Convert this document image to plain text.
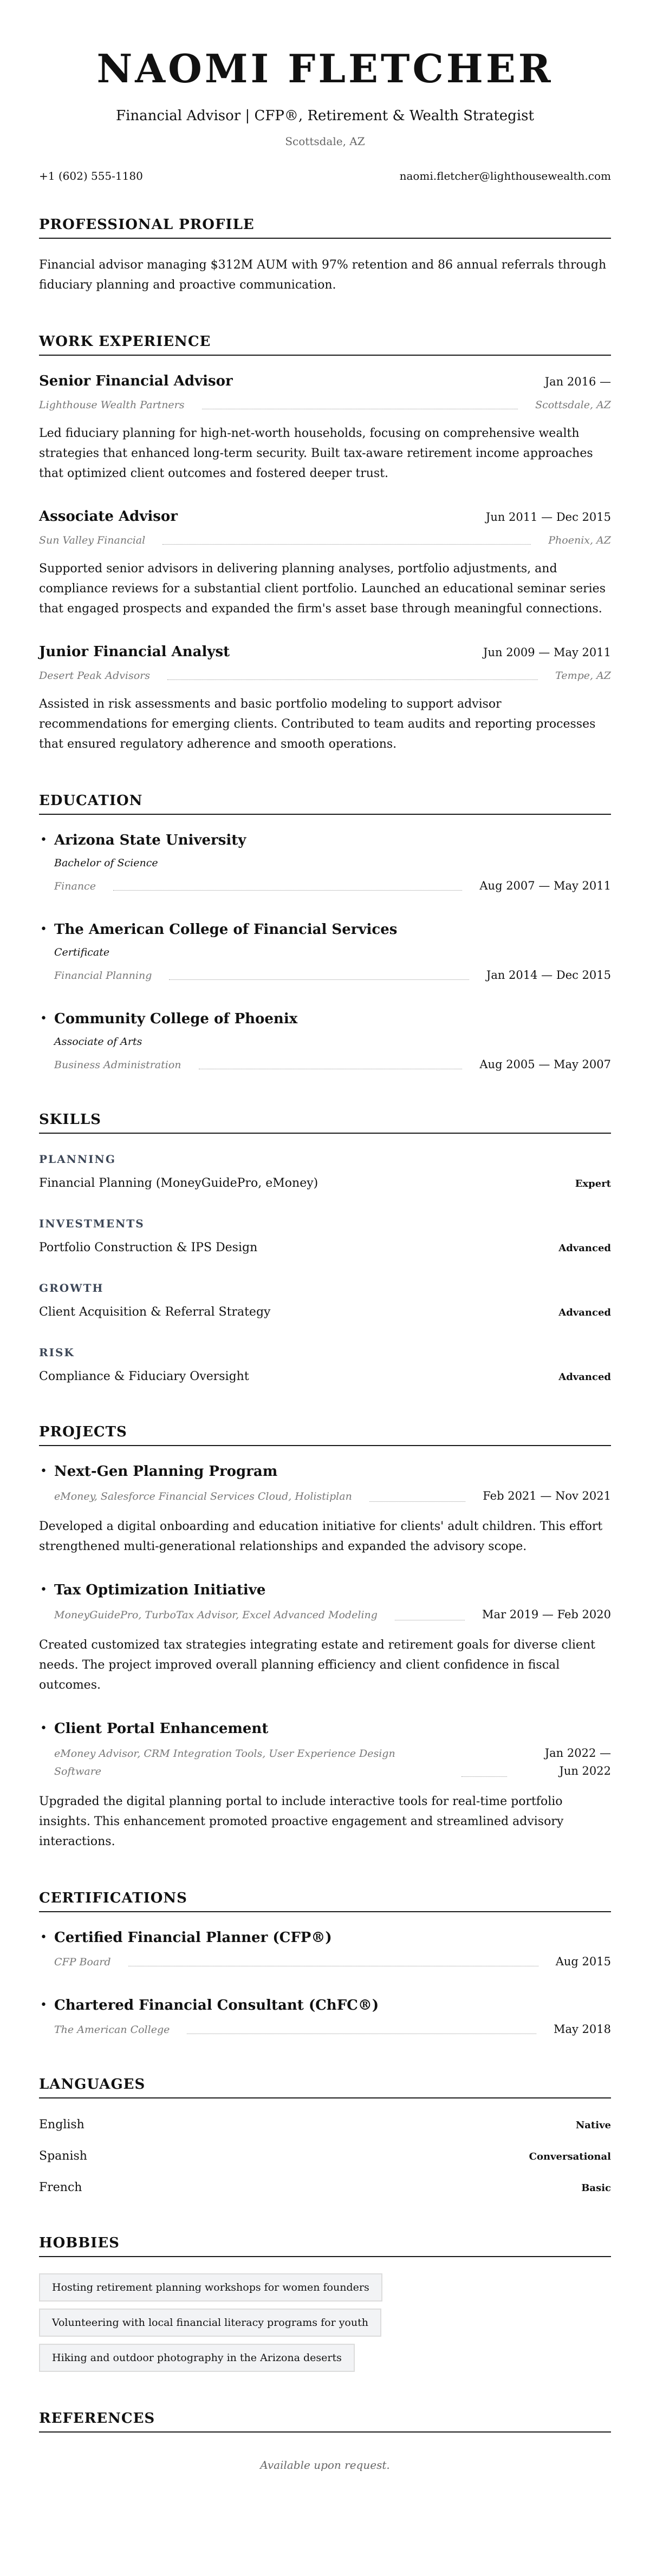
NAOMI FLETCHER
Financial Advisor | CFP®, Retirement & Wealth Strategist
Scottsdale, AZ
+1 (602) 555-1180	naomi.fletcher@lighthousewealth.com
PROFESSIONAL PROFILE

Financial advisor managing $312M AUM with 97% retention and 86 annual referrals through fiduciary planning and proactive communication.

WORK EXPERIENCE
Senior Financial Advisor	Jan 2016 —
Lighthouse Wealth Partners	Scottsdale, AZ

Led fiduciary planning for high-net-worth households, focusing on comprehensive wealth strategies that enhanced long-term security. Built tax-aware retirement income approaches that optimized client outcomes and fostered deeper trust.

Associate Advisor	Jun 2011 — Dec 2015
Sun Valley Financial	Phoenix, AZ

Supported senior advisors in delivering planning analyses, portfolio adjustments, and compliance reviews for a substantial client portfolio. Launched an educational seminar series that engaged prospects and expanded the firm's asset base through meaningful connections.

Junior Financial Analyst	Jun 2009 — May 2011
Desert Peak Advisors	Tempe, AZ

Assisted in risk assessments and basic portfolio modeling to support advisor recommendations for emerging clients. Contributed to team audits and reporting processes that ensured regulatory adherence and smooth operations.

EDUCATION
• Arizona State University
Bachelor of Science
Finance	Aug 2007 — May 2011
• The American College of Financial Services
Certificate
Financial Planning	Jan 2014 — Dec 2015
• Community College of Phoenix
Associate of Arts
Business Administration	Aug 2005 — May 2007
SKILLS
PLANNING
Financial Planning (MoneyGuidePro, eMoney)	Expert
INVESTMENTS
Portfolio Construction & IPS Design	Advanced
GROWTH
Client Acquisition & Referral Strategy	Advanced
RISK
Compliance & Fiduciary Oversight	Advanced
PROJECTS
• Next-Gen Planning Program
eMoney, Salesforce Financial Services Cloud, Holistiplan	Feb 2021 — Nov 2021

Developed a digital onboarding and education initiative for clients' adult children. This effort strengthened multi-generational relationships and expanded the advisory scope.

• Tax Optimization Initiative
MoneyGuidePro, TurboTax Advisor, Excel Advanced Modeling	Mar 2019 — Feb 2020

Created customized tax strategies integrating estate and retirement goals for diverse client needs. The project improved overall planning efficiency and client confidence in fiscal outcomes.

• Client Portal Enhancement
eMoney Advisor, CRM Integration Tools, User Experience Design Software
Jan 2022 — Jun 2022

Upgraded the digital planning portal to include interactive tools for real-time portfolio insights. This enhancement promoted proactive engagement and streamlined advisory interactions.

CERTIFICATIONS
• Certified Financial Planner (CFP®)
CFP Board	Aug 2015
• Chartered Financial Consultant (ChFC®)
The American College	May 2018
LANGUAGES
English	Native
Spanish	Conversational
French	Basic
HOBBIES
Hosting retirement planning workshops for women founders
Volunteering with local financial literacy programs for youth
Hiking and outdoor photography in the Arizona deserts
REFERENCES
Available upon request.
